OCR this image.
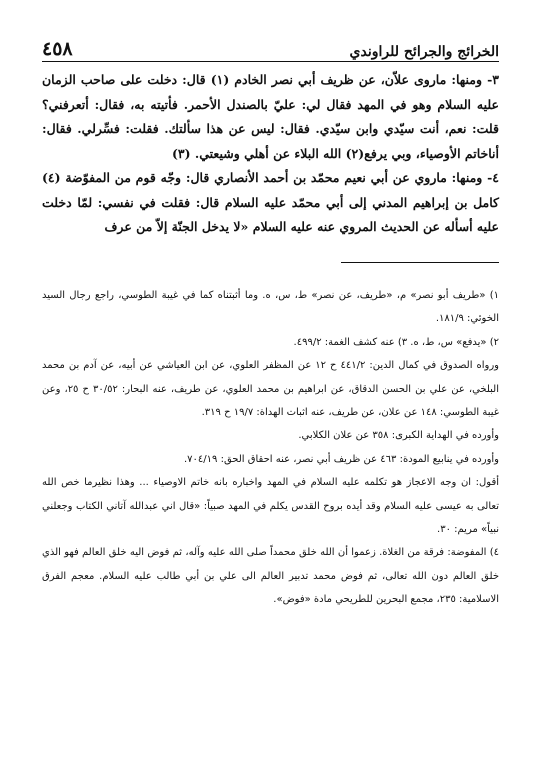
الخرائج والجرائح للراوندي
٤٥٨

٣- ومنها: ماروى علاّن، عن ظريف أبي نصر الخادم (١) قال: دخلت على صاحب الزمان عليه السلام وهو في المهد فقال لي: عليّ بالصندل الأحمر. فأتيته به، فقال: أتعرفني؟ قلت: نعم، أنت سيّدي وابن سيّدي. فقال: ليس عن هذا سألتك. فقلت: فسِّرلي. فقال: أناخاتم الأوصياء، وبي يرفع(٢) الله البلاء عن أهلي وشيعتي. (٣)

٤- ومنها: ماروي عن أبي نعيم محمّد بن أحمد الأنصاري قال: وجّه قوم من المفوّضة (٤) كامل بن إبراهيم المدني إلى أبي محمّد عليه السلام قال: فقلت في نفسي: لمّا دخلت عليه أسأله عن الحديث المروي عنه عليه السلام «لا يدخل الجنّة إلاّ من عرف

١) «طريف أبو نصر» م، «طريف، عن نصر» ط، س، ه. وما أثبتناه كما في غيبة الطوسي، راجع رجال السيد الخوئي: ١٨١/٩.

٢) «يدفع» س، ط، ه. ٣) عنه كشف الغمة: ٤٩٩/٢.

ورواه الصدوق في كمال الدين: ٤٤١/٢ ح ١٢ عن المظفر العلوي، عن ابن العياشي عن أبيه، عن آدم بن محمد البلخي، عن علي بن الحسن الدقاق، عن ابراهيم بن محمد العلوي، عن طريف، عنه البحار: ٣٠/٥٢ ح ٢٥، وعن غيبة الطوسي: ١٤٨ عن علان، عن طريف، عنه اثبات الهداة: ١٩/٧ ح ٣١٩.

وأورده في الهداية الكبرى: ٣٥٨ عن علان الكلابي.

وأورده في ينابيع المودة: ٤٦٣ عن ظريف أبي نصر، عنه احقاق الحق: ٧٠٤/١٩.

أقول: ان وجه الاعجاز هو تكلمه عليه السلام في المهد واخباره بانه خاتم الاوصياء ... وهذا نظيرما خص الله تعالى به عيسى عليه السلام وقد أيده بروح القدس يكلم في المهد صبياً: «قال اني عبدالله آتاني الكتاب وجعلني نبياً» مريم: ٣٠.

٤) المفوضة: فرقة من الغلاة. زعموا أن الله خلق محمداً صلى الله عليه وآله، ثم فوض اليه خلق العالم فهو الذي خلق العالم دون الله تعالى، ثم فوض محمد تدبير العالم الى علي بن أبي طالب عليه السلام. معجم الفرق الاسلامية: ٢٣٥، مجمع البحرين للطريحي مادة «فوض».
